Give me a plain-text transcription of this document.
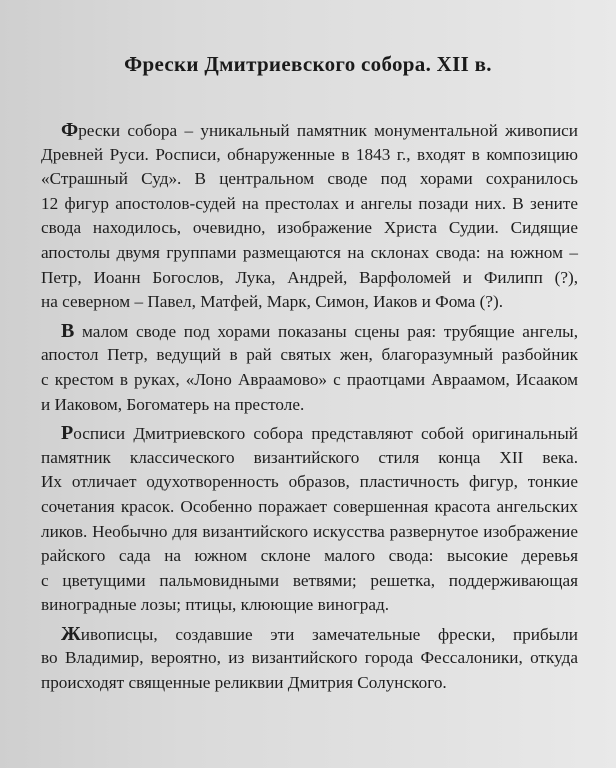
Фрески Дмитриевского собора. XII в.
Фрески собора – уникальный памятник монументальной живописи
Древней Руси. Росписи, обнаруженные в 1843 г., входят в композицию
«Страшный Суд». В центральном своде под хорами сохранилось
12 фигур апостолов-судей на престолах и ангелы позади них. В зените
свода находилось, очевидно, изображение Христа Судии. Сидящие
апостолы двумя группами размещаются на склонах свода: на южном –
Петр, Иоанн Богослов, Лука, Андрей, Варфоломей и Филипп (?),
на северном – Павел, Матфей, Марк, Симон, Иаков и Фома (?).
В малом своде под хорами показаны сцены рая: трубящие ангелы,
апостол Петр, ведущий в рай святых жен, благоразумный разбойник
с крестом в руках, «Лоно Авраамово» с праотцами Авраамом, Исааком
и Иаковом, Богоматерь на престоле.
Росписи Дмитриевского собора представляют собой оригинальный
памятник классического византийского стиля конца XII века.
Их отличает одухотворенность образов, пластичность фигур, тонкие
сочетания красок. Особенно поражает совершенная красота ангельских
ликов. Необычно для византийского искусства развернутое изображение
райского сада на южном склоне малого свода: высокие деревья
с цветущими пальмовидными ветвями; решетка, поддерживающая
виноградные лозы; птицы, клюющие виноград.
Живописцы, создавшие эти замечательные фрески, прибыли
во Владимир, вероятно, из византийского города Фессалоники, откуда
происходят священные реликвии Дмитрия Солунского.
